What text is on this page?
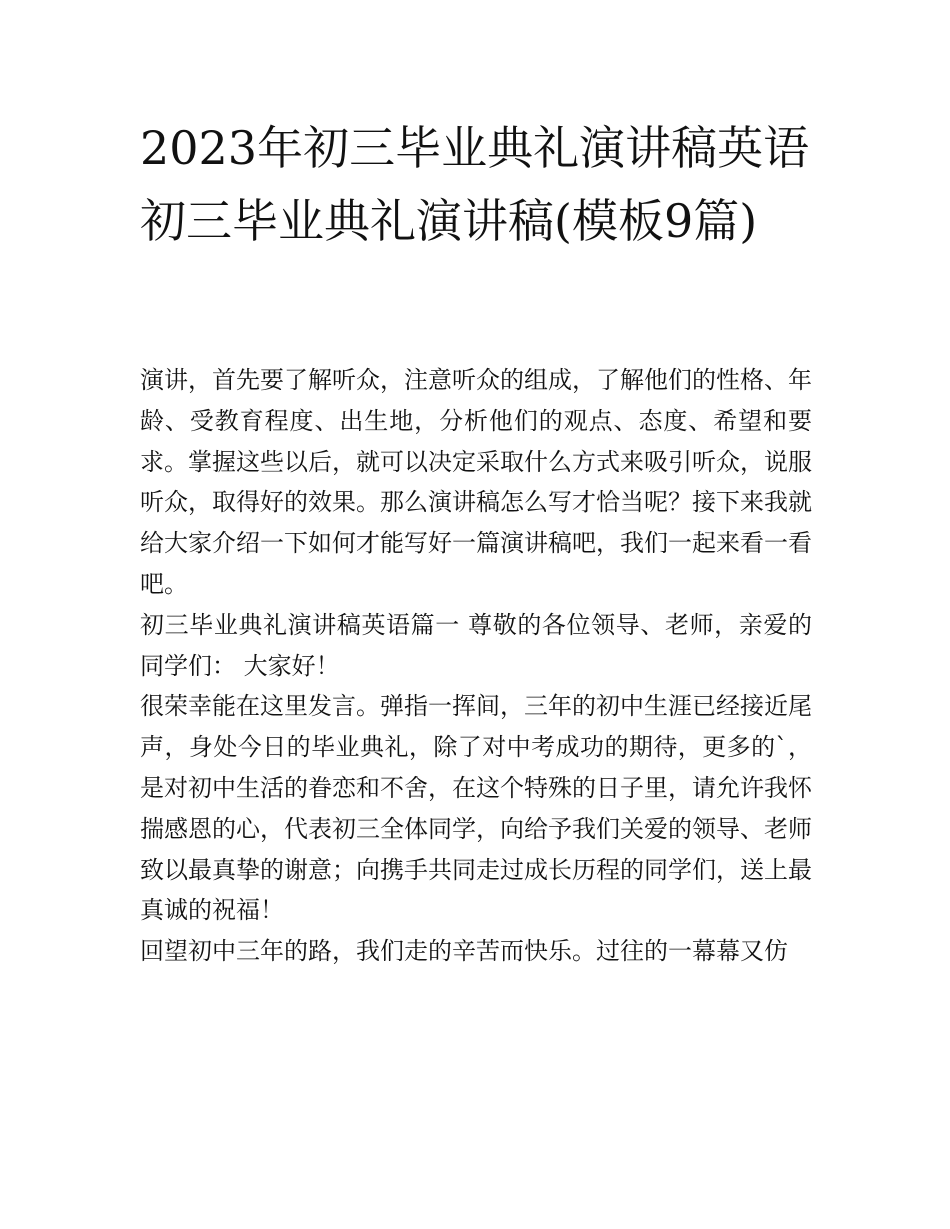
2023年初三毕业典礼演讲稿英语 初三毕业典礼演讲稿(模板9篇)

演讲，首先要了解听众，注意听众的组成，了解他们的性格、年龄、受教育程度、出生地，分析他们的观点、态度、希望和要求。掌握这些以后，就可以决定采取什么方式来吸引听众，说服听众，取得好的效果。那么演讲稿怎么写才恰当呢？接下来我就给大家介绍一下如何才能写好一篇演讲稿吧，我们一起来看一看吧。

初三毕业典礼演讲稿英语篇一 尊敬的各位领导、老师，亲爱的同学们： 大家好！

很荣幸能在这里发言。弹指一挥间，三年的初中生涯已经接近尾声，身处今日的毕业典礼，除了对中考成功的期待，更多的`，是对初中生活的眷恋和不舍，在这个特殊的日子里，请允许我怀揣感恩的心，代表初三全体同学，向给予我们关爱的领导、老师致以最真挚的谢意；向携手共同走过成长历程的同学们，送上最真诚的祝福！

回望初中三年的路，我们走的辛苦而快乐。过往的一幕幕又仿
